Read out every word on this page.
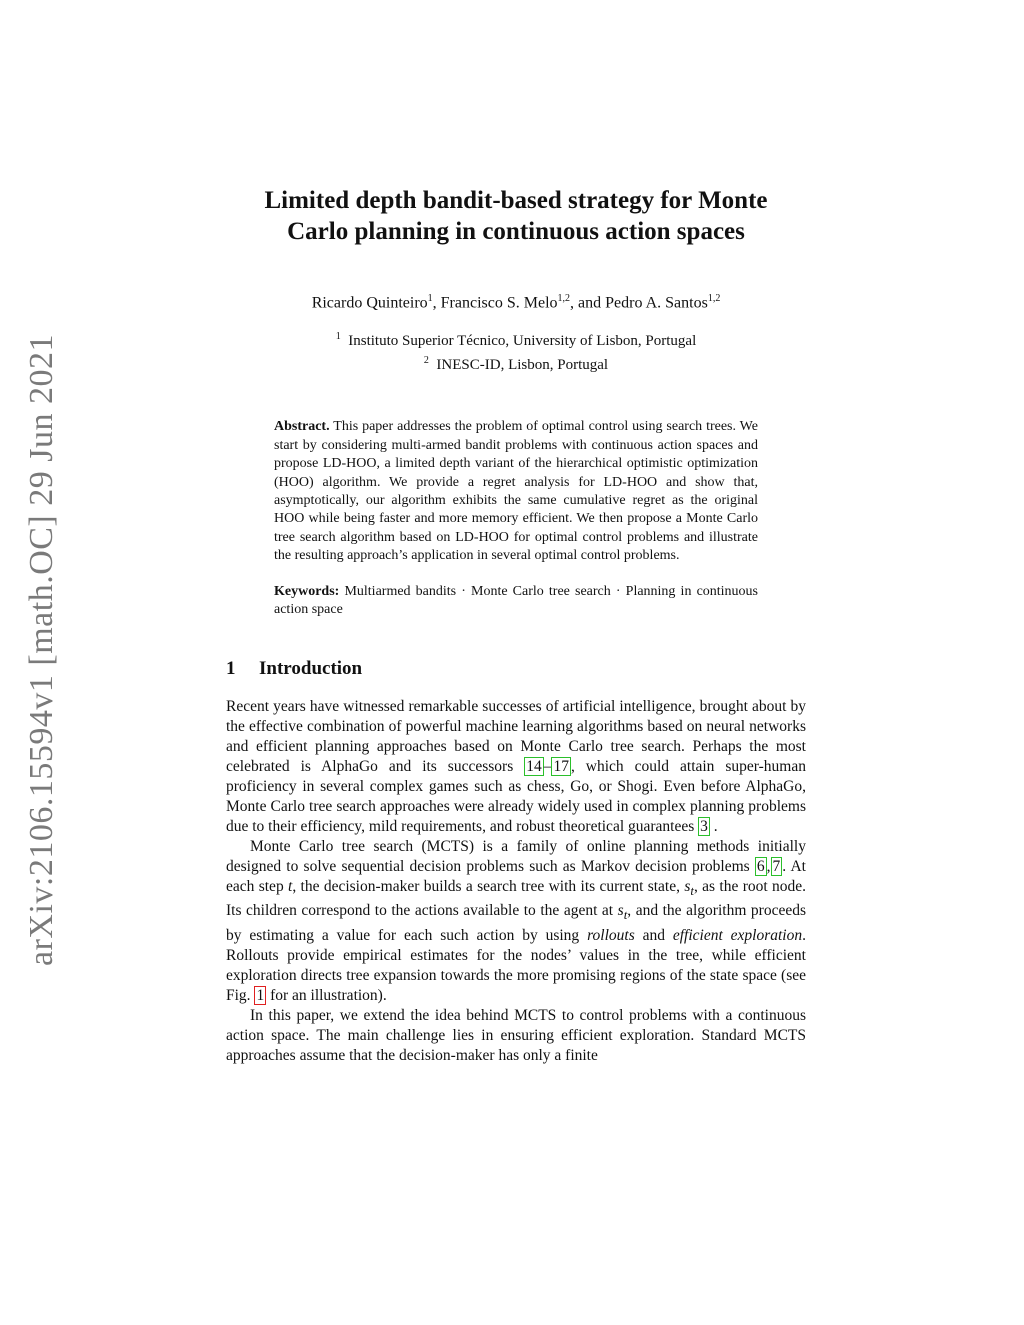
arXiv:2106.15594v1 [math.OC] 29 Jun 2021
Limited depth bandit-based strategy for Monte
Carlo planning in continuous action spaces
Ricardo Quinteiro$^1$, Francisco S. Melo$^{1,2}$, and Pedro A. Santos$^{1,2}$
$^1$ Instituto Superior Técnico, University of Lisbon, Portugal
$^2$ INESC-ID, Lisbon, Portugal
Abstract. This paper addresses the problem of optimal control using search trees. We start by considering multi-armed bandit problems with continuous action spaces and propose LD-HOO, a limited depth variant of the hierarchical optimistic optimization (HOO) algorithm. We provide a regret analysis for LD-HOO and show that, asymptotically, our algorithm exhibits the same cumulative regret as the original HOO while being faster and more memory efficient. We then propose a Monte Carlo tree search algorithm based on LD-HOO for optimal control problems and illustrate the resulting approach’s application in several optimal control problems.
Keywords: Multiarmed bandits · Monte Carlo tree search · Planning in continuous action space
1 Introduction

Recent years have witnessed remarkable successes of artificial intelligence, brought about by the effective combination of powerful machine learning algorithms based on neural networks and efficient planning approaches based on Monte Carlo tree search. Perhaps the most celebrated is AlphaGo and its successors 14 – 17 , which could attain super-human proficiency in several complex games such as chess, Go, or Shogi. Even before AlphaGo, Monte Carlo tree search approaches were already widely used in complex planning problems due to their efficiency, mild requirements, and robust theoretical guarantees 3 .

Monte Carlo tree search (MCTS) is a family of online planning methods initially designed to solve sequential decision problems such as Markov decision problems 6 , 7 . At each step t, the decision-maker builds a search tree with its current state, $s_t$, as the root node. Its children correspond to the actions available to the agent at $s_t$, and the algorithm proceeds by estimating a value for each such action by using rollouts and efficient exploration. Rollouts provide empirical estimates for the nodes’ values in the tree, while efficient exploration directs tree expansion towards the more promising regions of the state space (see Fig. 1 for an illustration).

In this paper, we extend the idea behind MCTS to control problems with a continuous action space. The main challenge lies in ensuring efficient exploration. Standard MCTS approaches assume that the decision-maker has only a finite
